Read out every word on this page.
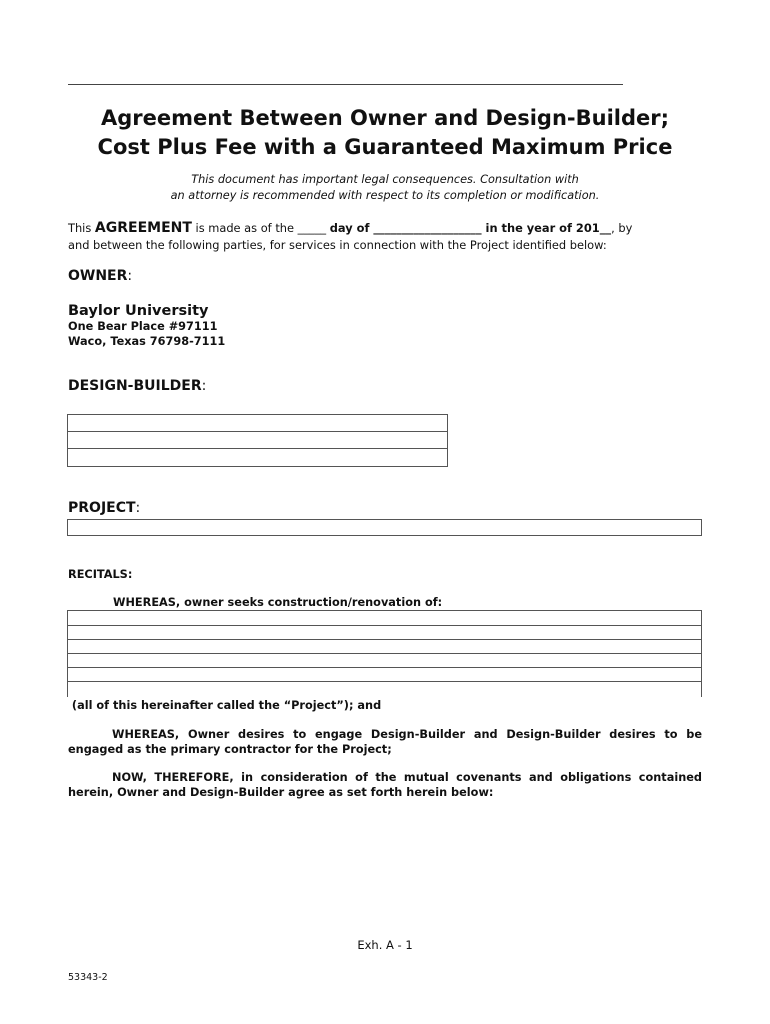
Agreement Between Owner and Design-Builder;
Cost Plus Fee with a Guaranteed Maximum Price
This document has important legal consequences. Consultation with
an attorney is recommended with respect to its completion or modification.
This AGREEMENT is made as of the _____ day of ___________________ in the year of 201__, by
and between the following parties, for services in connection with the Project identified below:
OWNER:
Baylor University
One Bear Place #97111
Waco, Texas 76798-7111
DESIGN-BUILDER:
PROJECT:
RECITALS:
WHEREAS, owner seeks construction/renovation of:
(all of this hereinafter called the “Project”); and
WHEREAS, Owner desires to engage Design-Builder and Design-Builder desires to be engaged as the primary contractor for the Project;
NOW, THEREFORE, in consideration of the mutual covenants and obligations contained herein, Owner and Design-Builder agree as set forth herein below:
Exh. A - 1
53343-2
